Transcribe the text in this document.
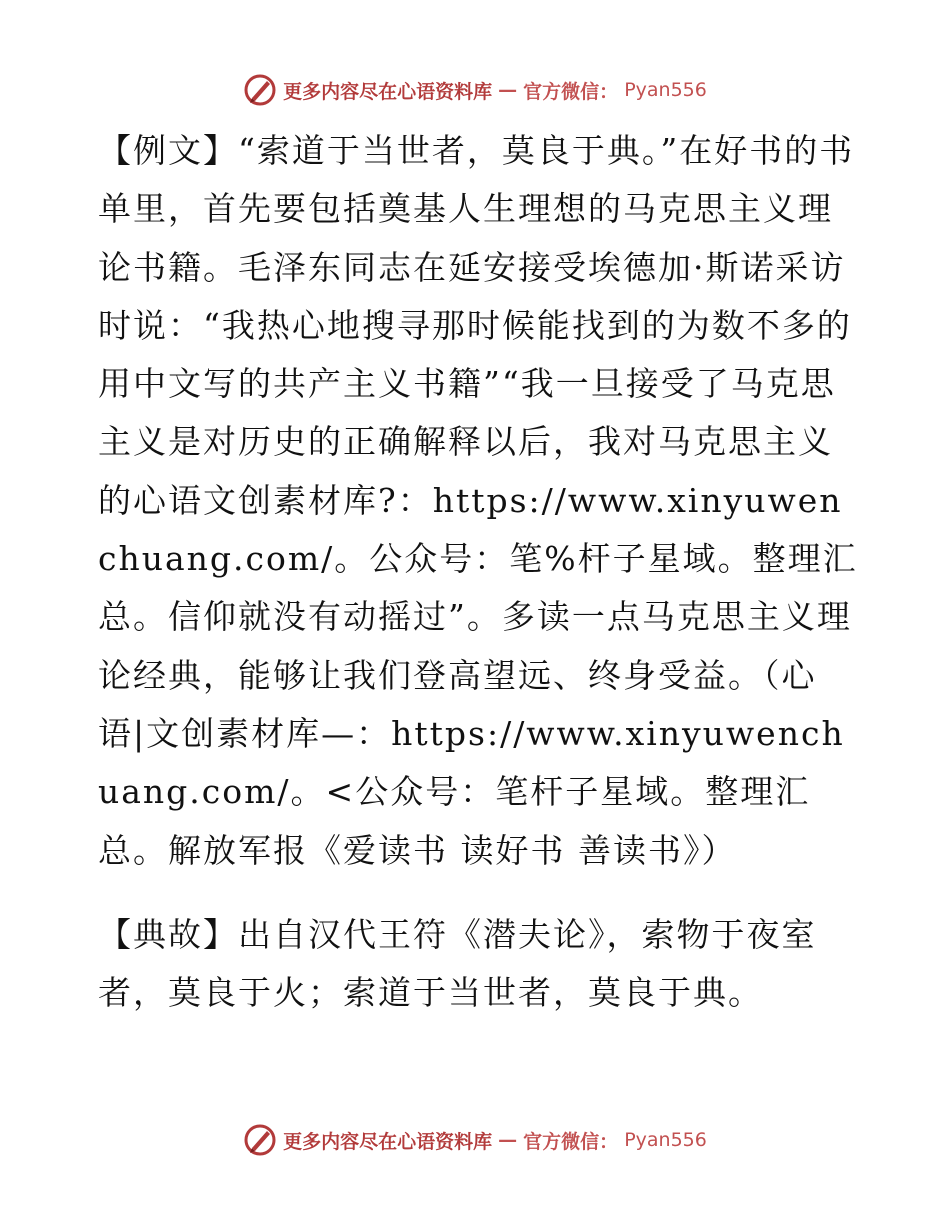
更多内容尽在心语资料库 — 官方微信： Pyan556

【例文】“索道于当世者，莫良于典。”在好书的书单里，首先要包括奠基人生理想的马克思主义理论书籍。毛泽东同志在延安接受埃德加·斯诺采访时说：“我热心地搜寻那时候能找到的为数不多的用中文写的共产主义书籍”“我一旦接受了马克思主义是对历史的正确解释以后，我对马克思主义的心语文创素材库?：https://www.xinyuwenchuang.com/。公众号：笔%杆子星域。整理汇总。信仰就没有动摇过”。多读一点马克思主义理论经典，能够让我们登高望远、终身受益。（心语|文创素材库—：https://www.xinyuwenchuang.com/。<公众号：笔杆子星域。整理汇总。解放军报《爱读书 读好书 善读书》）

【典故】出自汉代王符《潜夫论》，索物于夜室者，莫良于火；索道于当世者，莫良于典。

更多内容尽在心语资料库 — 官方微信： Pyan556
